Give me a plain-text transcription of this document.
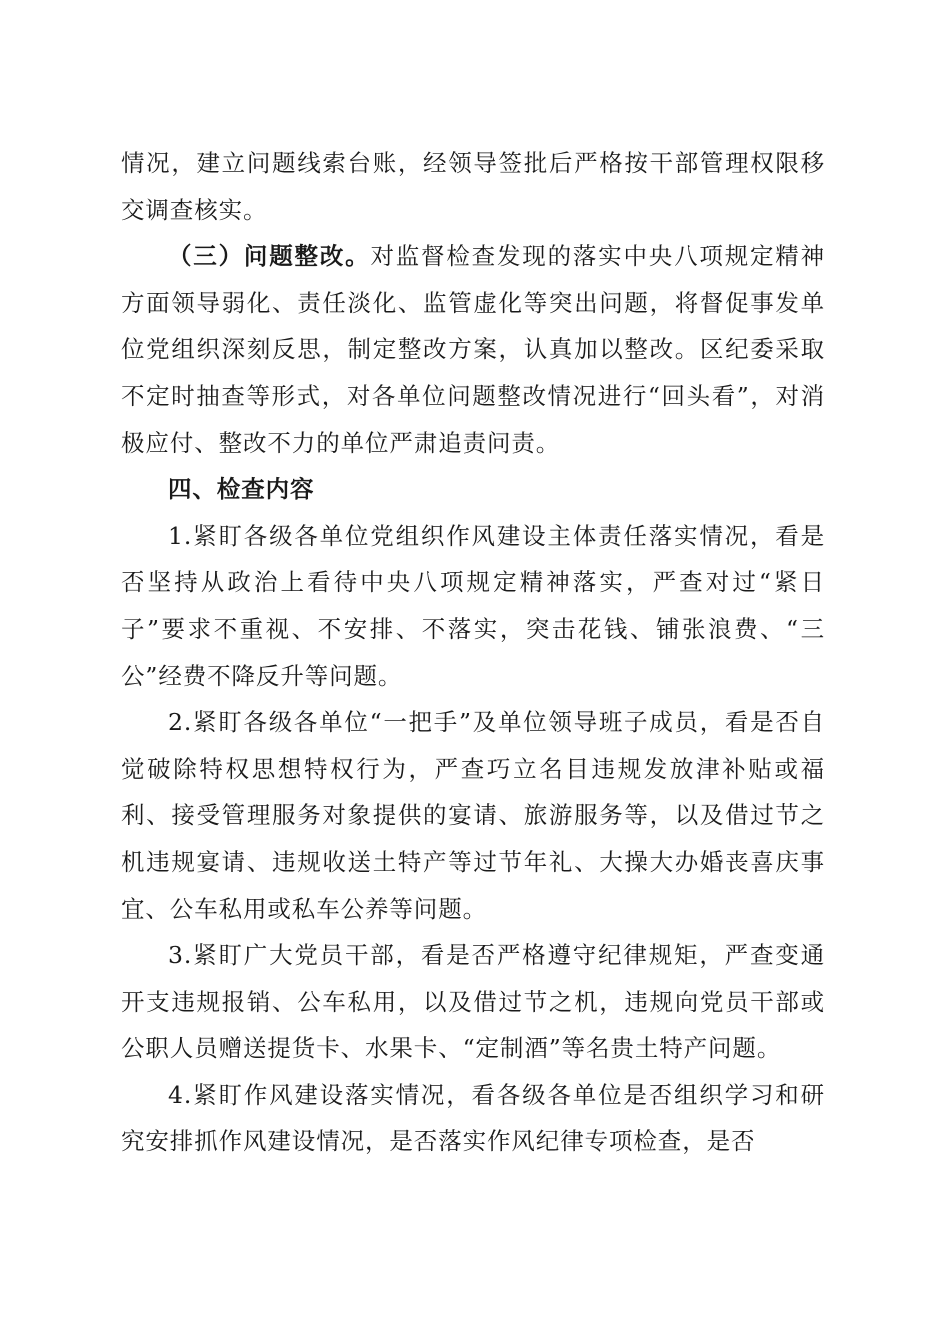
情况，建立问题线索台账，经领导签批后严格按干部管理权限移交调查核实。

（三）问题整改。对监督检查发现的落实中央八项规定精神方面领导弱化、责任淡化、监管虚化等突出问题，将督促事发单位党组织深刻反思，制定整改方案，认真加以整改。区纪委采取不定时抽查等形式，对各单位问题整改情况进行“回头看”，对消极应付、整改不力的单位严肃追责问责。

四、检查内容

1.紧盯各级各单位党组织作风建设主体责任落实情况，看是否坚持从政治上看待中央八项规定精神落实，严查对过“紧日子”要求不重视、不安排、不落实，突击花钱、铺张浪费、“三公”经费不降反升等问题。

2.紧盯各级各单位“一把手”及单位领导班子成员，看是否自觉破除特权思想特权行为，严查巧立名目违规发放津补贴或福利、接受管理服务对象提供的宴请、旅游服务等，以及借过节之机违规宴请、违规收送土特产等过节年礼、大操大办婚丧喜庆事宜、公车私用或私车公养等问题。

3.紧盯广大党员干部，看是否严格遵守纪律规矩，严查变通开支违规报销、公车私用，以及借过节之机，违规向党员干部或公职人员赠送提货卡、水果卡、“定制酒”等名贵土特产问题。

4.紧盯作风建设落实情况，看各级各单位是否组织学习和研究安排抓作风建设情况，是否落实作风纪律专项检查，是否
